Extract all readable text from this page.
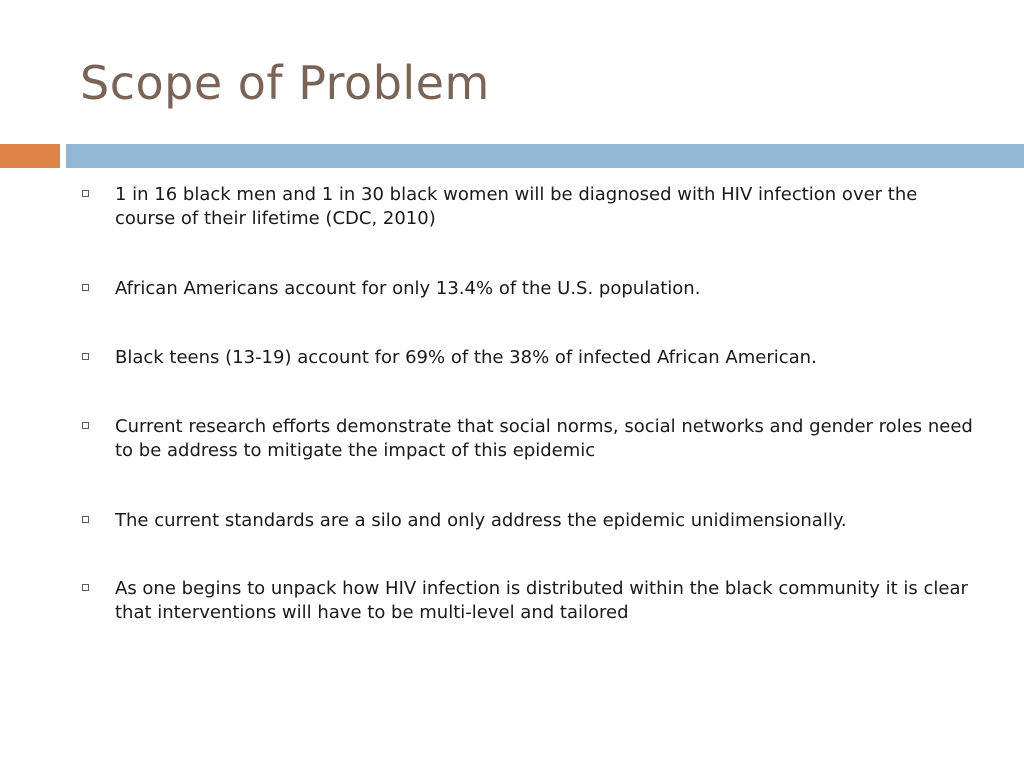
Scope of Problem
1 in 16 black men and 1 in 30 black women will be diagnosed with HIV infection over the course of their lifetime (CDC, 2010)
African Americans account for only 13.4% of the U.S. population.
Black teens (13-19) account for 69% of the 38% of infected African American.
Current research efforts demonstrate that social norms, social networks and gender roles need to be address to mitigate the impact of this epidemic
The current standards are a silo and only address the epidemic unidimensionally.
As one begins to unpack how HIV infection is distributed within the black community it is clear that interventions will have to be multi-level and tailored
